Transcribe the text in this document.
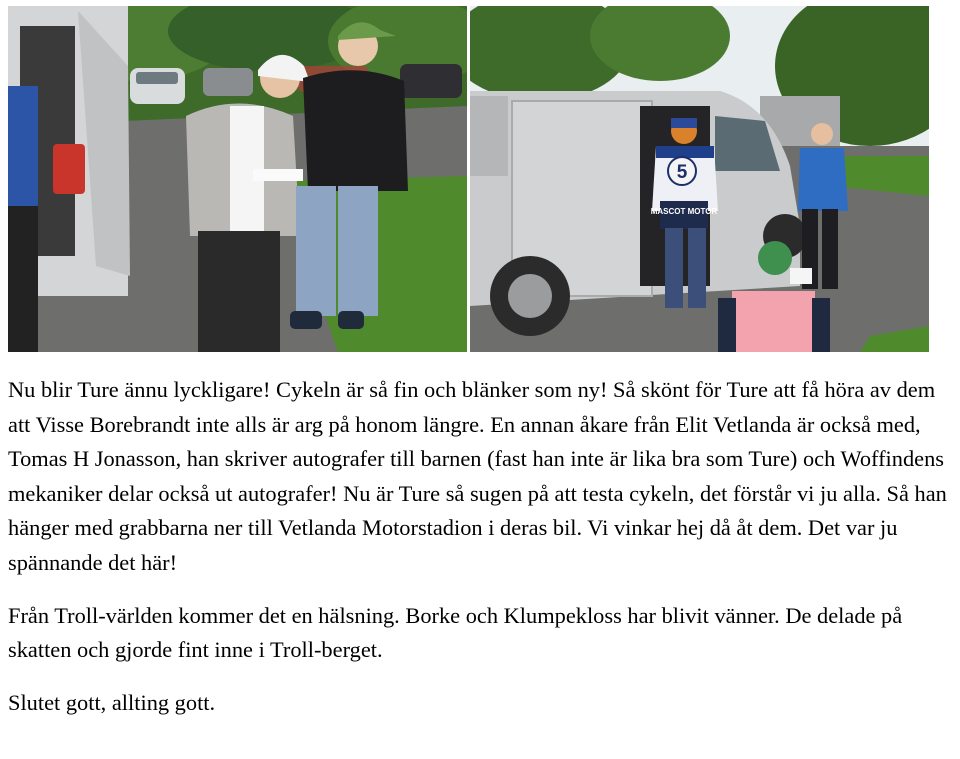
5
MASCOT MOTOR

Nu blir Ture ännu lyckligare! Cykeln är så fin och blänker som ny! Så skönt för Ture att få höra av dem att Visse Borebrandt inte alls är arg på honom längre. En annan åkare från Elit Vetlanda är också med, Tomas H Jonasson, han skriver autografer till barnen (fast han inte är lika bra som Ture) och Woffindens mekaniker delar också ut autografer! Nu är Ture så sugen på att testa cykeln, det förstår vi ju alla. Så han hänger med grabbarna ner till Vetlanda Motorstadion i deras bil. Vi vinkar hej då åt dem. Det var ju spännande det här!

Från Troll-världen kommer det en hälsning. Borke och Klumpekloss har blivit vänner. De delade på skatten och gjorde fint inne i Troll-berget.

Slutet gott, allting gott.
